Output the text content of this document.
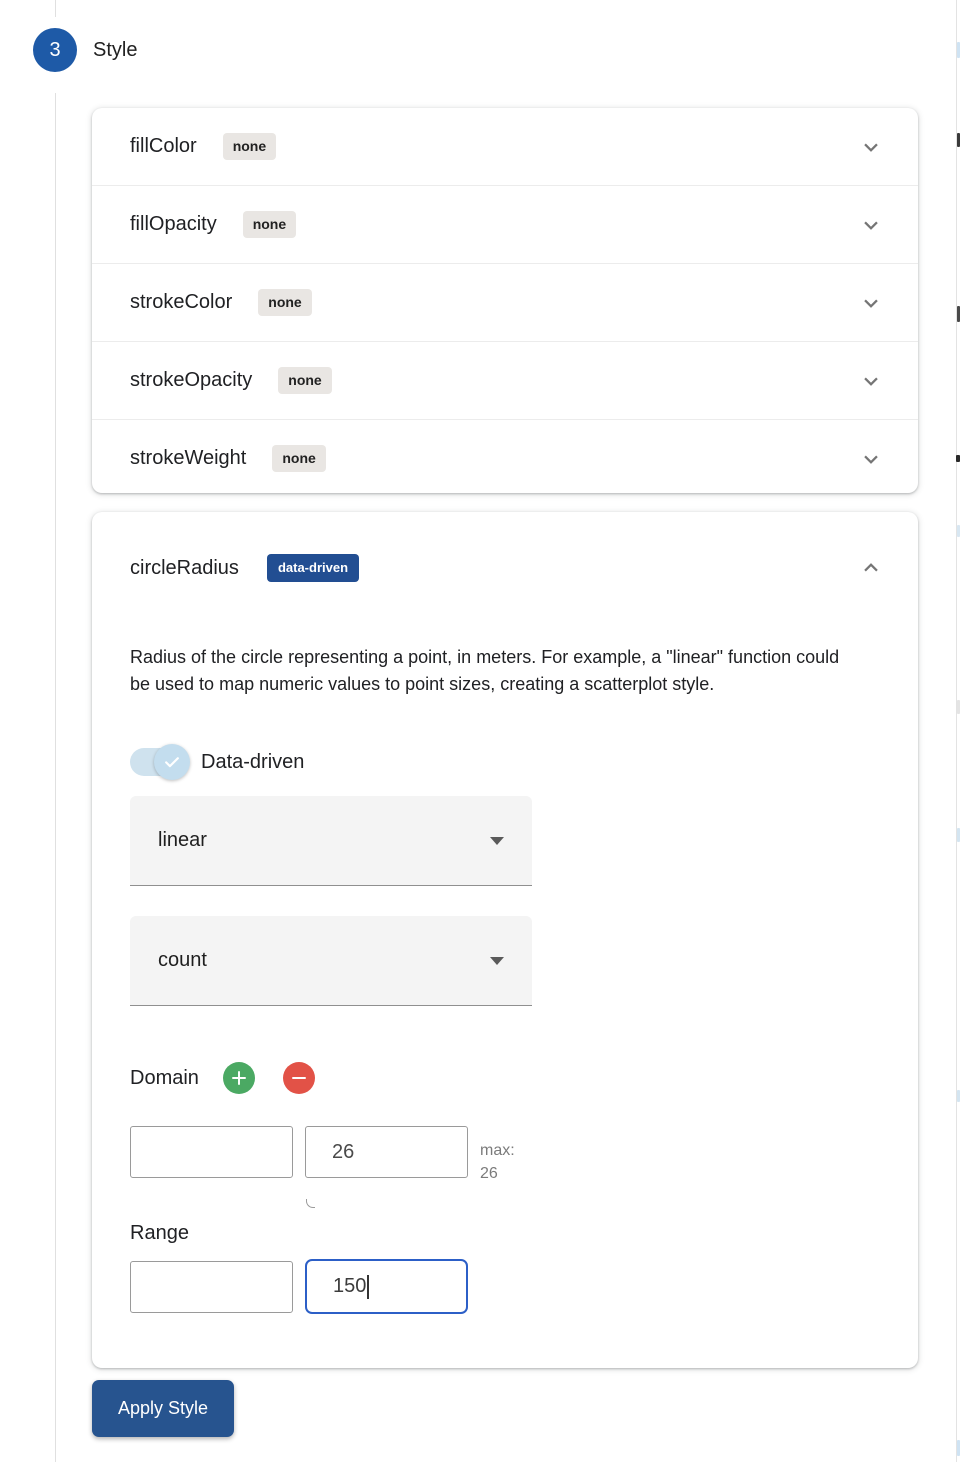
3	Style
fillColor	none
fillOpacity	none
strokeColor	none
strokeOpacity	none
strokeWeight	none
circleRadius	data-driven
Radius of the circle representing a point, in meters. For example, a "linear" function could be used to map numeric values to point sizes, creating a scatterplot style.
Data-driven
linear
count
Domain
26	max:
26
Range
150
Apply Style
